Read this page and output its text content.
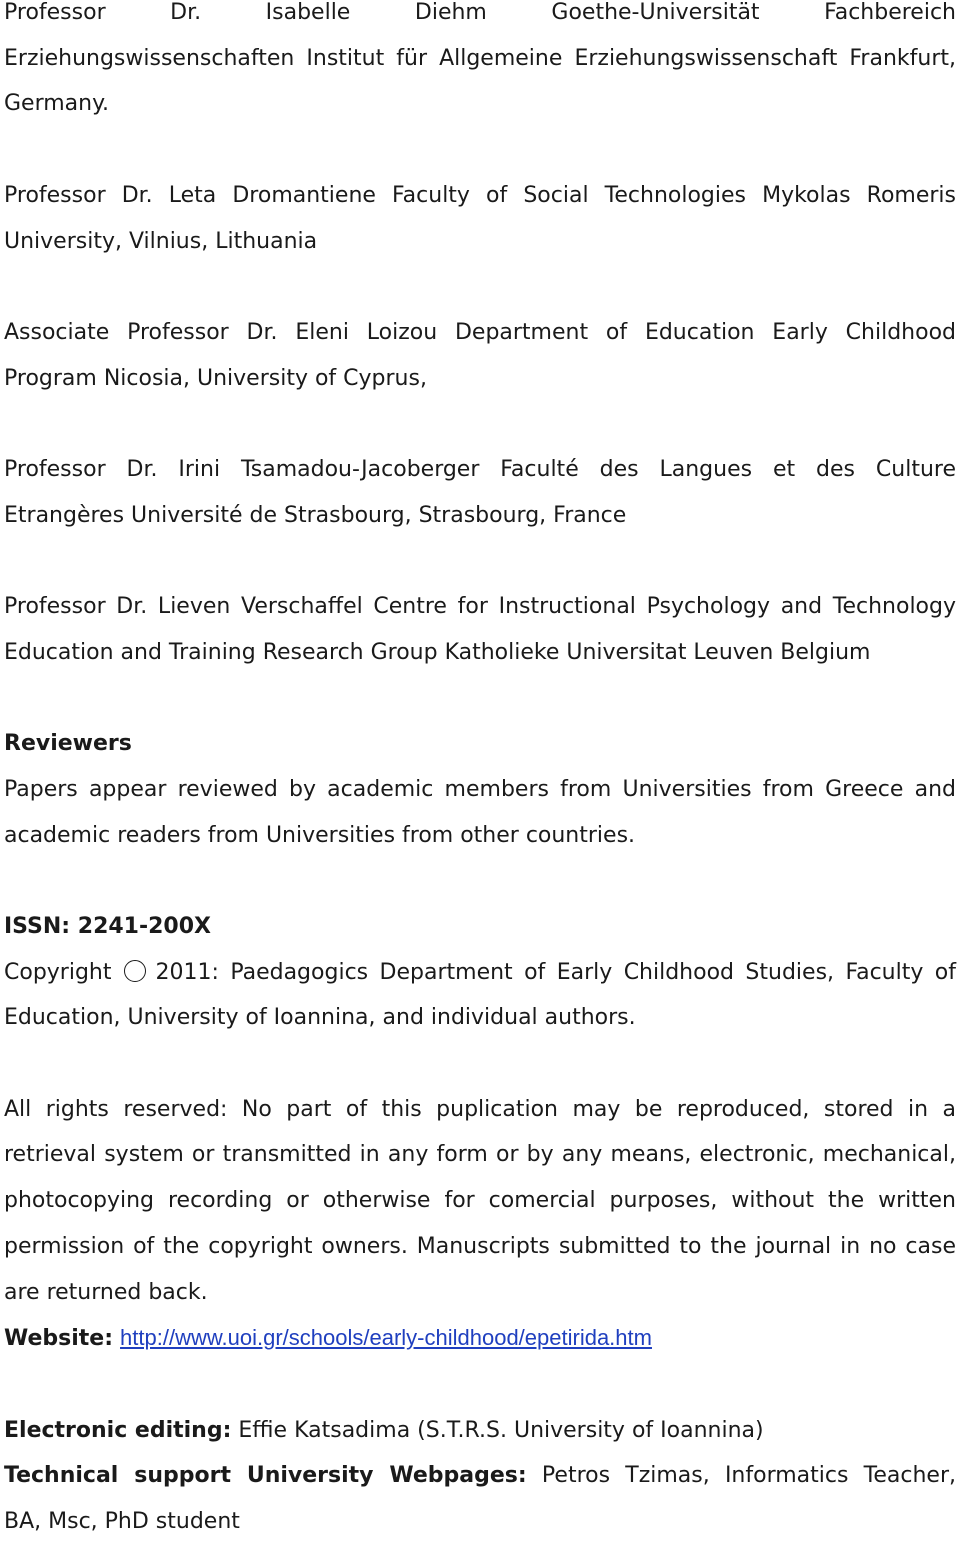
Professor Dr. Isabelle Diehm Goethe-Universität Fachbereich

Erziehungswissenschaften Institut für Allgemeine Erziehungswissenschaft Frankfurt,

Germany.

Professor Dr. Leta Dromantiene Faculty of Social Technologies Mykolas Romeris

University, Vilnius, Lithuania

Associate Professor Dr. Eleni Loizou Department of Education Early Childhood

Program Nicosia, University of Cyprus,

Professor Dr. Irini Tsamadou-Jacoberger Faculté des Langues et des Culture

Etrangères Université de Strasbourg, Strasbourg, France

Professor Dr. Lieven Verschaffel Centre for Instructional Psychology and Technology

Education and Training Research Group Katholieke Universitat Leuven Belgium

Reviewers

Papers appear reviewed by academic members from Universities from Greece and

academic readers from Universities from other countries.

ISSN: 2241-200X

Copyright 2011: Paedagogics Department of Early Childhood Studies, Faculty of

Education, University of Ioannina, and individual authors.

All rights reserved: No part of this puplication may be reproduced, stored in a

retrieval system or transmitted in any form or by any means, electronic, mechanical,

photocopying recording or otherwise for comercial purposes, without the written

permission of the copyright owners. Manuscripts submitted to the journal in no case

are returned back.

Website: http://www.uoi.gr/schools/early-childhood/epetirida.htm

Electronic editing: Effie Katsadima (S.T.R.S. University of Ioannina)

Technical support University Webpages: Petros Tzimas, Informatics Teacher,

BA, Msc, PhD student
